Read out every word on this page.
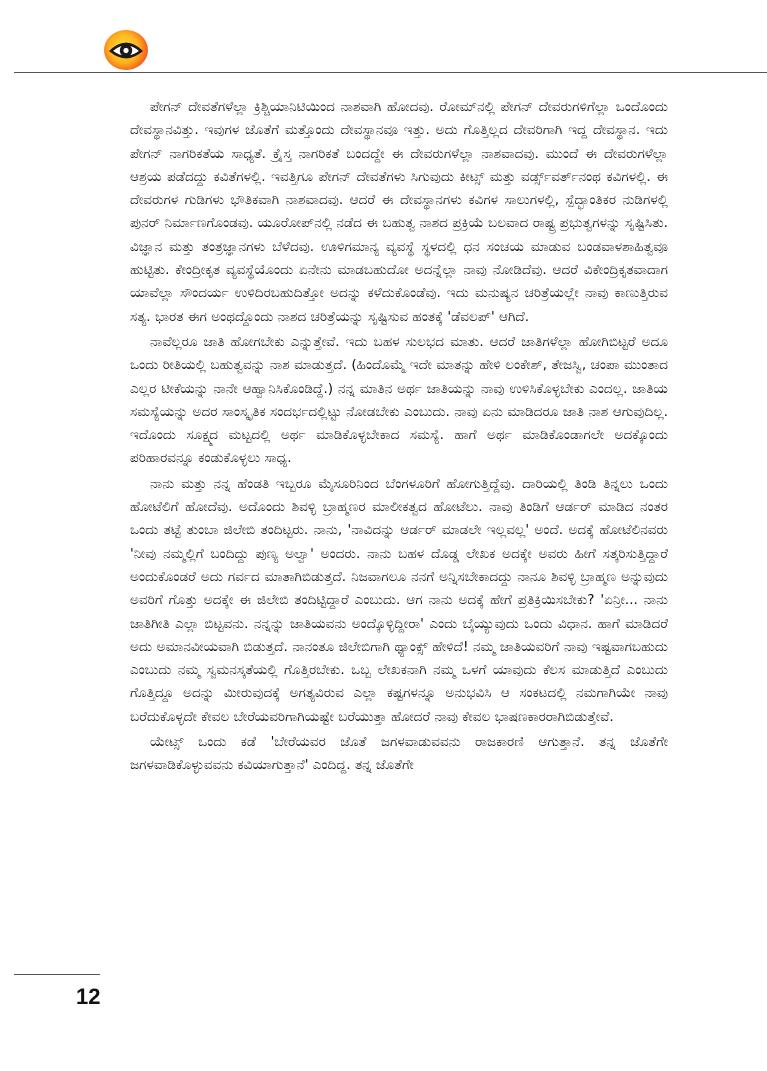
ಪೇಗನ್ ದೇವತೆಗಳೆಲ್ಲಾ ಕ್ರಿಶ್ಚಿಯಾನಿಟಿಯಿಂದ ನಾಶವಾಗಿ ಹೋದವು. ರೋಮ್‌ನಲ್ಲಿ ಪೇಗನ್ ದೇವರುಗಳಿಗೆಲ್ಲಾ ಒಂದೊಂದು ದೇವಸ್ಥಾನವಿತ್ತು. ಇವುಗಳ ಜೊತೆಗೆ ಮತ್ತೊಂದು ದೇವಸ್ಥಾನವೂ ಇತ್ತು. ಅದು ಗೊತ್ತಿಲ್ಲದ ದೇವರಿಗಾಗಿ ಇದ್ದ ದೇವಸ್ಥಾನ. ಇದು ಪೇಗನ್ ನಾಗರಿಕತೆಯ ಸಾಧ್ಯತೆ. ಕ್ರೈಸ್ತ ನಾಗರಿಕತೆ ಬಂದದ್ದೇ ಈ ದೇವರುಗಳೆಲ್ಲಾ ನಾಶವಾದವು. ಮುಂದೆ ಈ ದೇವರುಗಳೆಲ್ಲಾ ಆಶ್ರಯ ಪಡೆದದ್ದು ಕವಿತೆಗಳಲ್ಲಿ. ಇವತ್ತಿಗೂ ಪೇಗನ್ ದೇವತೆಗಳು ಸಿಗುವುದು ಕೀಟ್ಸ್ ಮತ್ತು ವರ್ಡ್ಸ್‌ವರ್ತ್‌ನಂಥ ಕವಿಗಳಲ್ಲಿ. ಈ ದೇವರುಗಳ ಗುಡಿಗಳು ಭೌತಿಕವಾಗಿ ನಾಶವಾದವು. ಆದರೆ ಈ ದೇವಸ್ಥಾನಗಳು ಕವಿಗಳ ಸಾಲುಗಳಲ್ಲಿ, ಸ್ಪೆದ್ಭಾಂತಿಕರ ನುಡಿಗಳಲ್ಲಿ ಪುನರ್ ನಿರ್ಮಾಣಗೊಂಡವು. ಯೂರೋಪ್‌ನಲ್ಲಿ ನಡೆದ ಈ ಬಹುತ್ವ ನಾಶದ ಪ್ರಕ್ರಿಯೆ ಬಲವಾದ ರಾಷ್ಟ್ರ ಪ್ರಭುತ್ವಗಳನ್ನು ಸೃಷ್ಟಿಸಿತು. ವಿಜ್ಞಾನ ಮತ್ತು ತಂತ್ರಜ್ಞಾನಗಳು ಬೆಳೆದವು. ಊಳಿಗಮಾನ್ಯ ವ್ಯವಸ್ಥೆ ಸ್ಥಳದಲ್ಲಿ ಧನ ಸಂಚಯ ಮಾಡುವ ಬಂಡವಾಳಶಾಹಿತ್ವವೂ ಹುಟ್ಟಿತು. ಕೇಂದ್ರೀಕೃತ ವ್ಯವಸ್ಥೆಯೊಂದು ಏನೇನು ಮಾಡಬಹುದೋ ಅದನ್ನೆಲ್ಲಾ ನಾವು ನೋಡಿದೆವು. ಆದರೆ ವಿಕೇಂದ್ರಿಕೃತವಾದಾಗ ಯಾವೆಲ್ಲಾ ಸೌಂದರ್ಯ ಉಳಿದಿರಬಹುದಿತ್ತೋ ಅದನ್ನು ಕಳೆದುಕೊಂಡೆವು. ಇದು ಮನುಷ್ಯನ ಚರಿತ್ರೆಯಲ್ಲೇ ನಾವು ಕಾಣುತ್ತಿರುವ ಸತ್ಯ. ಭಾರತ ಈಗ ಅಂಥದ್ದೊಂದು ನಾಶದ ಚರಿತ್ರೆಯನ್ನು ಸೃಷ್ಟಿಸುವ ಹಂತಕ್ಕೆ 'ಡೆವಲಪ್' ಆಗಿದೆ.

ನಾವೆಲ್ಲರೂ ಜಾತಿ ಹೋಗಬೇಕು ಎನ್ನುತ್ತೇವೆ. ಇದು ಬಹಳ ಸುಲಭದ ಮಾತು. ಆದರೆ ಜಾತಿಗಳೆಲ್ಲಾ ಹೋಗಿಬಿಟ್ಟರೆ ಅದೂ ಒಂದು ರೀತಿಯಲ್ಲಿ ಬಹುತ್ವವನ್ನು ನಾಶ ಮಾಡುತ್ತದೆ. (ಹಿಂದೊಮ್ಮೆ ಇದೇ ಮಾತನ್ನು ಹೇಳಿ ಲಂಕೇಶ್, ತೇಜಸ್ವಿ, ಚಂಪಾ ಮುಂತಾದ ಎಲ್ಲರ ಟೀಕೆಯನ್ನು ನಾನೇ ಆಹ್ವಾನಿಸಿಕೊಂಡಿದ್ದೆ.) ನನ್ನ ಮಾತಿನ ಅರ್ಥ ಜಾತಿಯನ್ನು ನಾವು ಉಳಿಸಿಕೊಳ್ಳಬೇಕು ಎಂದಲ್ಲ. ಜಾತಿಯ ಸಮಸ್ಯೆಯನ್ನು ಅದರ ಸಾಂಸ್ಕೃತಿಕ ಸಂದರ್ಭದಲ್ಲಿಟ್ಟು ನೋಡಬೇಕು ಎಂಬುದು. ನಾವು ಏನು ಮಾಡಿದರೂ ಜಾತಿ ನಾಶ ಆಗುವುದಿಲ್ಲ. ಇದೊಂದು ಸೂಕ್ಷ್ಮದ ಮಟ್ಟದಲ್ಲಿ ಅರ್ಥ ಮಾಡಿಕೊಳ್ಳಬೇಕಾದ ಸಮಸ್ಯೆ. ಹಾಗೆ ಅರ್ಥ ಮಾಡಿಕೊಂಡಾಗಲೇ ಅದಕ್ಕೊಂದು ಪರಿಹಾರವನ್ನೂ ಕಂಡುಕೊಳ್ಳಲು ಸಾಧ್ಯ.

ನಾನು ಮತ್ತು ನನ್ನ ಹೆಂಡತಿ ಇಬ್ಬರೂ ಮೈಸೂರಿನಿಂದ ಬೆಂಗಳೂರಿಗೆ ಹೋಗುತ್ತಿದ್ದೆವು. ದಾರಿಯಲ್ಲಿ ತಿಂಡಿ ತಿನ್ನಲು ಒಂದು ಹೋಟೆಲಿಗೆ ಹೋದೆವು. ಅದೊಂದು ಶಿವಳ್ಳಿ ಬ್ರಾಹ್ಮಣರ ಮಾಲೀಕತ್ವದ ಹೋಟೆಲು. ನಾವು ತಿಂಡಿಗೆ ಆರ್ಡರ್ ಮಾಡಿದ ನಂತರ ಒಂದು ತಟ್ಟೆ ತುಂಬಾ ಜಿಲೇಬಿ ತಂದಿಟ್ಟರು. ನಾನು, 'ನಾವಿದನ್ನು ಆರ್ಡರ್ ಮಾಡಲೇ ಇಲ್ಲವಲ್ಲ' ಅಂದೆ. ಅದಕ್ಕೆ ಹೋಟೆಲಿನವರು 'ನೀವು ನಮ್ಮಲ್ಲಿಗೆ ಬಂದಿದ್ದು ಪುಣ್ಯ ಅಲ್ವಾ' ಅಂದರು. ನಾನು ಬಹಳ ದೊಡ್ಡ ಲೇಖಕ ಅದಕ್ಕೇ ಅವರು ಹೀಗೆ ಸತ್ಕರಿಸುತ್ತಿದ್ದಾರೆ ಅಂದುಕೊಂಡರೆ ಅದು ಗರ್ವದ ಮಾತಾಗಿಬಿಡುತ್ತದೆ. ನಿಜವಾಗಲೂ ನನಗೆ ಅನ್ನಿಸಬೇಕಾದದ್ದು ನಾನೂ ಶಿವಳ್ಳಿ ಬ್ರಾಹ್ಮಣ ಅನ್ನುವುದು ಅವರಿಗೆ ಗೊತ್ತು ಅದಕ್ಕೇ ಈ ಜಿಲೇಬಿ ತಂದಿಟ್ಟಿದ್ದಾರೆ ಎಂಬುದು. ಆಗ ನಾನು ಅದಕ್ಕೆ ಹೇಗೆ ಪ್ರತಿಕ್ರಿಯಿಸಬೇಕು? 'ಏನ್ರೀ... ನಾನು ಜಾತಿಗೀತಿ ಎಲ್ಲಾ ಬಿಟ್ಟವನು. ನನ್ನನ್ನು ಜಾತಿಯವನು ಅಂದ್ಕೊಳ್ಳಿದ್ದೀರಾ' ಎಂದು ಬೈಯ್ಯುವುದು ಒಂದು ವಿಧಾನ. ಹಾಗೆ ಮಾಡಿದರೆ ಅದು ಅಮಾನವೀಯವಾಗಿ ಬಿಡುತ್ತದೆ. ನಾನಂತೂ ಜಿಲೇಬಿಗಾಗಿ ಥ್ಯಾಂಕ್ಸ್ ಹೇಳಿದೆ! ನಮ್ಮ ಜಾತಿಯವರಿಗೆ ನಾವು ಇಷ್ಟವಾಗಬಹುದು ಎಂಬುದು ನಮ್ಮ ಸ್ವಮನಸ್ಕತೆಯಲ್ಲಿ ಗೊತ್ತಿರಬೇಕು. ಒಬ್ಬ ಲೇಖಕನಾಗಿ ನಮ್ಮ ಒಳಗೆ ಯಾವುದು ಕೆಲಸ ಮಾಡುತ್ತಿದೆ ಎಂಬುದು ಗೊತ್ತಿದ್ದೂ ಅದನ್ನು ಮೀರುವುದಕ್ಕೆ ಅಗತ್ಯವಿರುವ ಎಲ್ಲಾ ಕಷ್ಟಗಳನ್ನೂ ಅನುಭವಿಸಿ ಆ ಸಂಕಟದಲ್ಲಿ ನಮಗಾಗಿಯೇ ನಾವು ಬರೆದುಕೊಳ್ಳದೇ ಕೇವಲ ಬೇರೆಯವರಿಗಾಗಿಯಷ್ಟೇ ಬರೆಯುತ್ತಾ ಹೋದರೆ ನಾವು ಕೇವಲ ಭಾಷಣಕಾರರಾಗಿಬಿಡುತ್ತೇವೆ.

ಯೇಟ್ಸ್ ಒಂದು ಕಡೆ 'ಬೇರೆಯವರ ಜೊತೆ ಜಗಳವಾಡುವವನು ರಾಜಕಾರಣಿ ಆಗುತ್ತಾನೆ. ತನ್ನ ಜೊತೆಗೇ ಜಗಳವಾಡಿಕೊಳ್ಳುವವನು ಕವಿಯಾಗುತ್ತಾನೆ' ಎಂದಿದ್ದ. ತನ್ನ ಜೊತೆಗೇ

12
